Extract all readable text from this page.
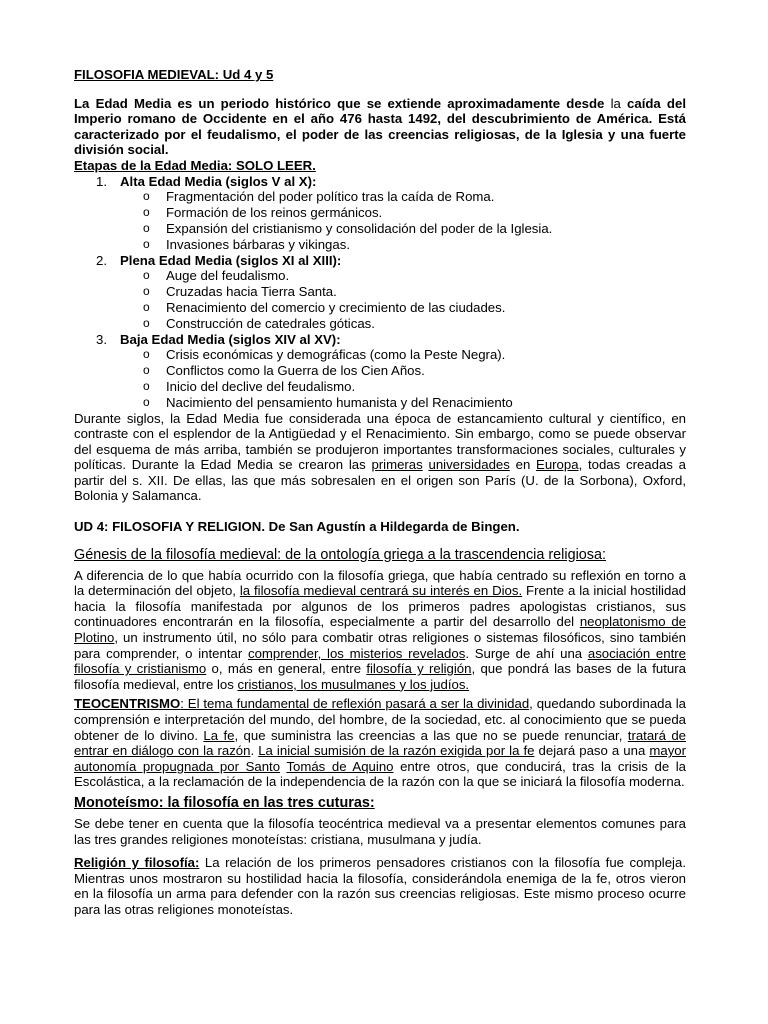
FILOSOFIA MEDIEVAL: Ud 4 y 5

La Edad Media es un periodo histórico que se extiende aproximadamente desde la caída del Imperio romano de Occidente en el año 476 hasta 1492, del descubrimiento de América. Está caracterizado por el feudalismo, el poder de las creencias religiosas, de la Iglesia y una fuerte división social.

Etapas de la Edad Media: SOLO LEER.

1. Alta Edad Media (siglos V al X):
o Fragmentación del poder político tras la caída de Roma.
o Formación de los reinos germánicos.
o Expansión del cristianismo y consolidación del poder de la Iglesia.
o Invasiones bárbaras y vikingas.
2. Plena Edad Media (siglos XI al XIII):
o Auge del feudalismo.
o Cruzadas hacia Tierra Santa.
o Renacimiento del comercio y crecimiento de las ciudades.
o Construcción de catedrales góticas.
3. Baja Edad Media (siglos XIV al XV):
o Crisis económicas y demográficas (como la Peste Negra).
o Conflictos como la Guerra de los Cien Años.
o Inicio del declive del feudalismo.
o Nacimiento del pensamiento humanista y del Renacimiento

Durante siglos, la Edad Media fue considerada una época de estancamiento cultural y científico, en contraste con el esplendor de la Antigüedad y el Renacimiento. Sin embargo, como se puede observar del esquema de más arriba, también se produjeron importantes transformaciones sociales, culturales y políticas. Durante la Edad Media se crearon las primeras universidades en Europa, todas creadas a partir del s. XII. De ellas, las que más sobresalen en el origen son París (U. de la Sorbona), Oxford, Bolonia y Salamanca.

UD 4: FILOSOFIA Y RELIGION. De San Agustín a Hildegarda de Bingen.

Génesis de la filosofía medieval: de la ontología griega a la trascendencia religiosa:

A diferencia de lo que había ocurrido con la filosofía griega, que había centrado su reflexión en torno a la determinación del objeto, la filosofía medieval centrará su interés en Dios. Frente a la inicial hostilidad hacia la filosofía manifestada por algunos de los primeros padres apologistas cristianos, sus continuadores encontrarán en la filosofía, especialmente a partir del desarrollo del neoplatonismo de Plotino, un instrumento útil, no sólo para combatir otras religiones o sistemas filosóficos, sino también para comprender, o intentar comprender, los misterios revelados. Surge de ahí una asociación entre filosofía y cristianismo o, más en general, entre filosofía y religión, que pondrá las bases de la futura filosofía medieval, entre los cristianos, los musulmanes y los judíos.

TEOCENTRISMO: El tema fundamental de reflexión pasará a ser la divinidad, quedando subordinada la comprensión e interpretación del mundo, del hombre, de la sociedad, etc. al conocimiento que se pueda obtener de lo divino. La fe, que suministra las creencias a las que no se puede renunciar, tratará de entrar en diálogo con la razón. La inicial sumisión de la razón exigida por la fe dejará paso a una mayor autonomía propugnada por Santo Tomás de Aquino entre otros, que conducirá, tras la crisis de la Escolástica, a la reclamación de la independencia de la razón con la que se iniciará la filosofía moderna.

Monoteísmo: la filosofía en las tres cuturas:

Se debe tener en cuenta que la filosofía teocéntrica medieval va a presentar elementos comunes para las tres grandes religiones monoteístas: cristiana, musulmana y judía.

Religión y filosofía: La relación de los primeros pensadores cristianos con la filosofía fue compleja. Mientras unos mostraron su hostilidad hacia la filosofía, considerándola enemiga de la fe, otros vieron en la filosofía un arma para defender con la razón sus creencias religiosas. Este mismo proceso ocurre para las otras religiones monoteístas.
